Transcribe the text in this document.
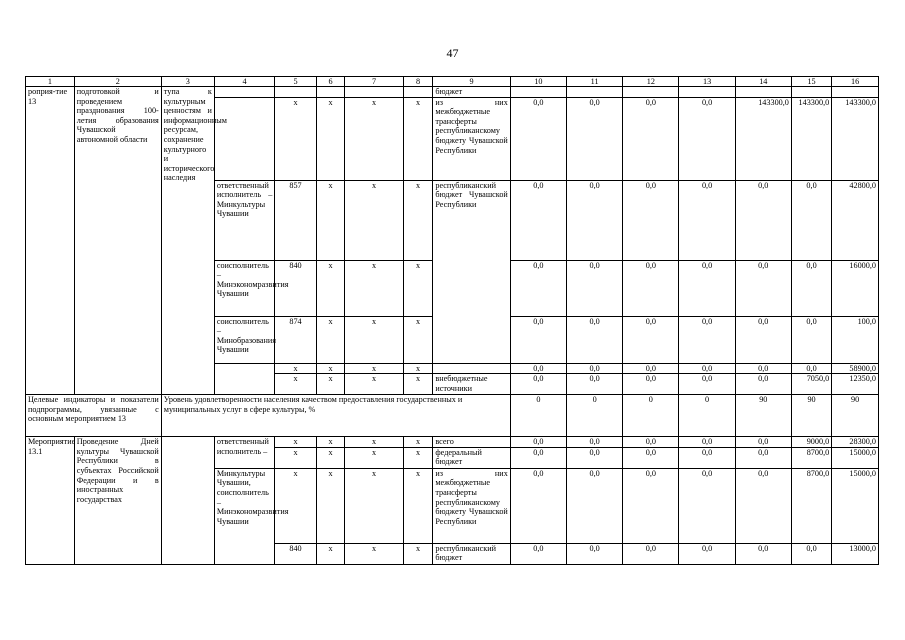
47
1	2	3	4	5	6	7	8	9	10	11	12	13	14	15	16
роприя-тие 13	подготовкой и проведением празднования 100-летия образования Чувашской автономной области	тупа к культурным ценностям и информационным ресурсам, сохранение культурного и исторического наследия						бюджет							
				x	x	x	x	из них межбюджетные трансферты республиканскому бюджету Чувашской Республики	0,0	0,0	0,0	0,0	143300,0	143300,0	143300,0
			ответственный исполнитель – Минкультуры Чувашии	857	x	x	x	республиканский бюджет Чувашской Республики	0,0	0,0	0,0	0,0	0,0	0,0	42800,0
			соисполнитель – Минэкономразвития Чувашии	840	x	x	x		0,0	0,0	0,0	0,0	0,0	0,0	16000,0
			соисполнитель – Минобразования Чувашии	874	x	x	x		0,0	0,0	0,0	0,0	0,0	0,0	100,0
				x	x	x	x		0,0	0,0	0,0	0,0	0,0	0,0	58900,0
				x	x	x	x	внебюджетные источники	0,0	0,0	0,0	0,0	0,0	7050,0	12350,0
Целевые индикаторы и показатели подпрограммы, увязанные с основным мероприятием 13		Уровень удовлетворенности населения качеством предоставления государственных и муниципальных услуг в сфере культуры, %							0	0	0	0	90	90	90
Мероприятие 13.1	Проведение Дней культуры Чувашской Республики в субъектах Российской Федерации и в иностранных государствах		ответственный исполнитель –	x	x	x	x	всего	0,0	0,0	0,0	0,0	0,0	9000,0	28300,0
				x	x	x	x	федеральный бюджет	0,0	0,0	0,0	0,0	0,0	8700,0	15000,0
			Минкультуры Чувашии, соисполнитель – Минэкономразвития Чувашии	x	x	x	x	из них межбюджетные трансферты республиканскому бюджету Чувашской Республики	0,0	0,0	0,0	0,0	0,0	8700,0	15000,0
				840	x	x	x	республиканский бюджет	0,0	0,0	0,0	0,0	0,0	0,0	13000,0
